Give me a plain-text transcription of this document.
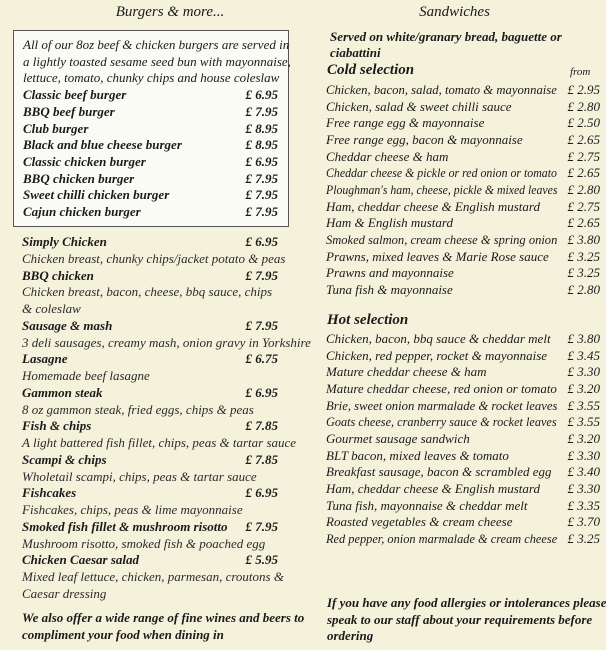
Burgers & more...
All of our 8oz beef & chicken burgers are served in
a lightly toasted sesame seed bun with mayonnaise,
lettuce, tomato, chunky chips and house coleslaw
Classic beef burger	£ 6.95
BBQ beef burger	£ 7.95
Club burger	£ 8.95
Black and blue cheese burger	£ 8.95
Classic chicken burger	£ 6.95
BBQ chicken burger	£ 7.95
Sweet chilli chicken burger	£ 7.95
Cajun chicken burger	£ 7.95
Simply Chicken	£ 6.95
Chicken breast, chunky chips/jacket potato & peas
BBQ chicken	£ 7.95
Chicken breast, bacon, cheese, bbq sauce, chips
& coleslaw
Sausage & mash	£ 7.95
3 deli sausages, creamy mash, onion gravy in Yorkshire
Lasagne	£ 6.75
Homemade beef lasagne
Gammon steak	£ 6.95
8 oz gammon steak, fried eggs, chips & peas
Fish & chips	£ 7.85
A light battered fish fillet, chips, peas & tartar sauce
Scampi & chips	£ 7.85
Wholetail scampi, chips, peas & tartar sauce
Fishcakes	£ 6.95
Fishcakes, chips, peas & lime mayonnaise
Smoked fish fillet & mushroom risotto	£ 7.95
Mushroom risotto, smoked fish & poached egg
Chicken Caesar salad	£ 5.95
Mixed leaf lettuce, chicken, parmesan, croutons &
Caesar dressing
We also offer a wide range of fine wines and beers to
compliment your food when dining in
Sandwiches
Served on white/granary bread, baguette or ciabattini
Cold selection	from
Hot selection
Chicken, bacon, salad, tomato & mayonnaise £ 2.95
Chicken, salad & sweet chilli sauce	£ 2.80
Free range egg & mayonnaise	£ 2.50
Free range egg, bacon & mayonnaise	£ 2.65
Cheddar cheese & ham	£ 2.75
Cheddar cheese & pickle or red onion or tomato £ 2.65
Ploughman's ham, cheese, pickle & mixed leaves £ 2.80
Ham, cheddar cheese & English mustard	£ 2.75
Ham & English mustard	£ 2.65
Smoked salmon, cream cheese & spring onion £ 3.80
Prawns, mixed leaves & Marie Rose sauce	£ 3.25
Prawns and mayonnaise	£ 3.25
Tuna fish & mayonnaise	£ 2.80
Chicken, bacon, bbq sauce & cheddar melt	£ 3.80
Chicken, red pepper, rocket & mayonnaise	£ 3.45
Mature cheddar cheese & ham	£ 3.30
Mature cheddar cheese, red onion or tomato £ 3.20
Brie, sweet onion marmalade & rocket leaves £ 3.55
Goats cheese, cranberry sauce & rocket leaves £ 3.55
Gourmet sausage sandwich	£ 3.20
BLT bacon, mixed leaves & tomato	£ 3.30
Breakfast sausage, bacon & scrambled egg	£ 3.40
Ham, cheddar cheese & English mustard	£ 3.30
Tuna fish, mayonnaise & cheddar melt	£ 3.35
Roasted vegetables & cream cheese	£ 3.70
Red pepper, onion marmalade & cream cheese £ 3.25
If you have any food allergies or intolerances please
speak to our staff about your requirements before
ordering
